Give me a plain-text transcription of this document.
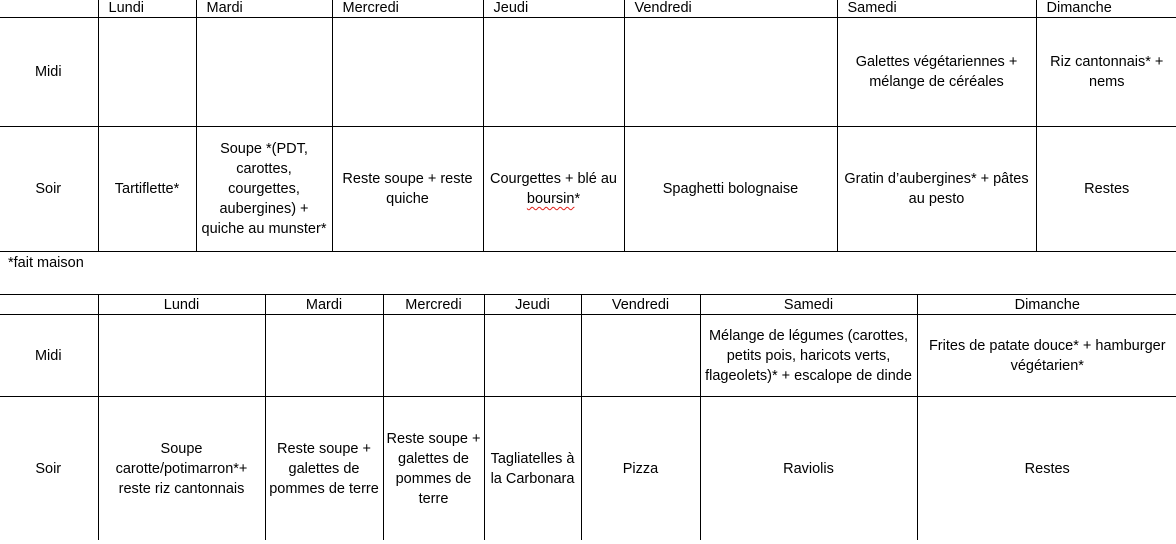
	Lundi	Mardi	Mercredi	Jeudi	Vendredi	Samedi	Dimanche
Midi						Galettes végétariennes + mélange de céréales	Riz cantonnais* + nems
Soir	Tartiflette*	Soupe *(PDT, carottes, courgettes, aubergines) + quiche au munster*	Reste soupe + reste quiche	Courgettes + blé au boursin*	Spaghetti bolognaise	Gratin d’aubergines* + pâtes au pesto	Restes
*fait maison
	Lundi	Mardi	Mercredi	Jeudi	Vendredi	Samedi	Dimanche
Midi						Mélange de légumes (carottes, petits pois, haricots verts, flageolets)* + escalope de dinde	Frites de patate douce* + hamburger végétarien*
Soir	Soupe carotte/potimarron*+ reste riz cantonnais	Reste soupe + galettes de pommes de terre	Reste soupe + galettes de pommes de terre	Tagliatelles à la Carbonara	Pizza	Raviolis	Restes
